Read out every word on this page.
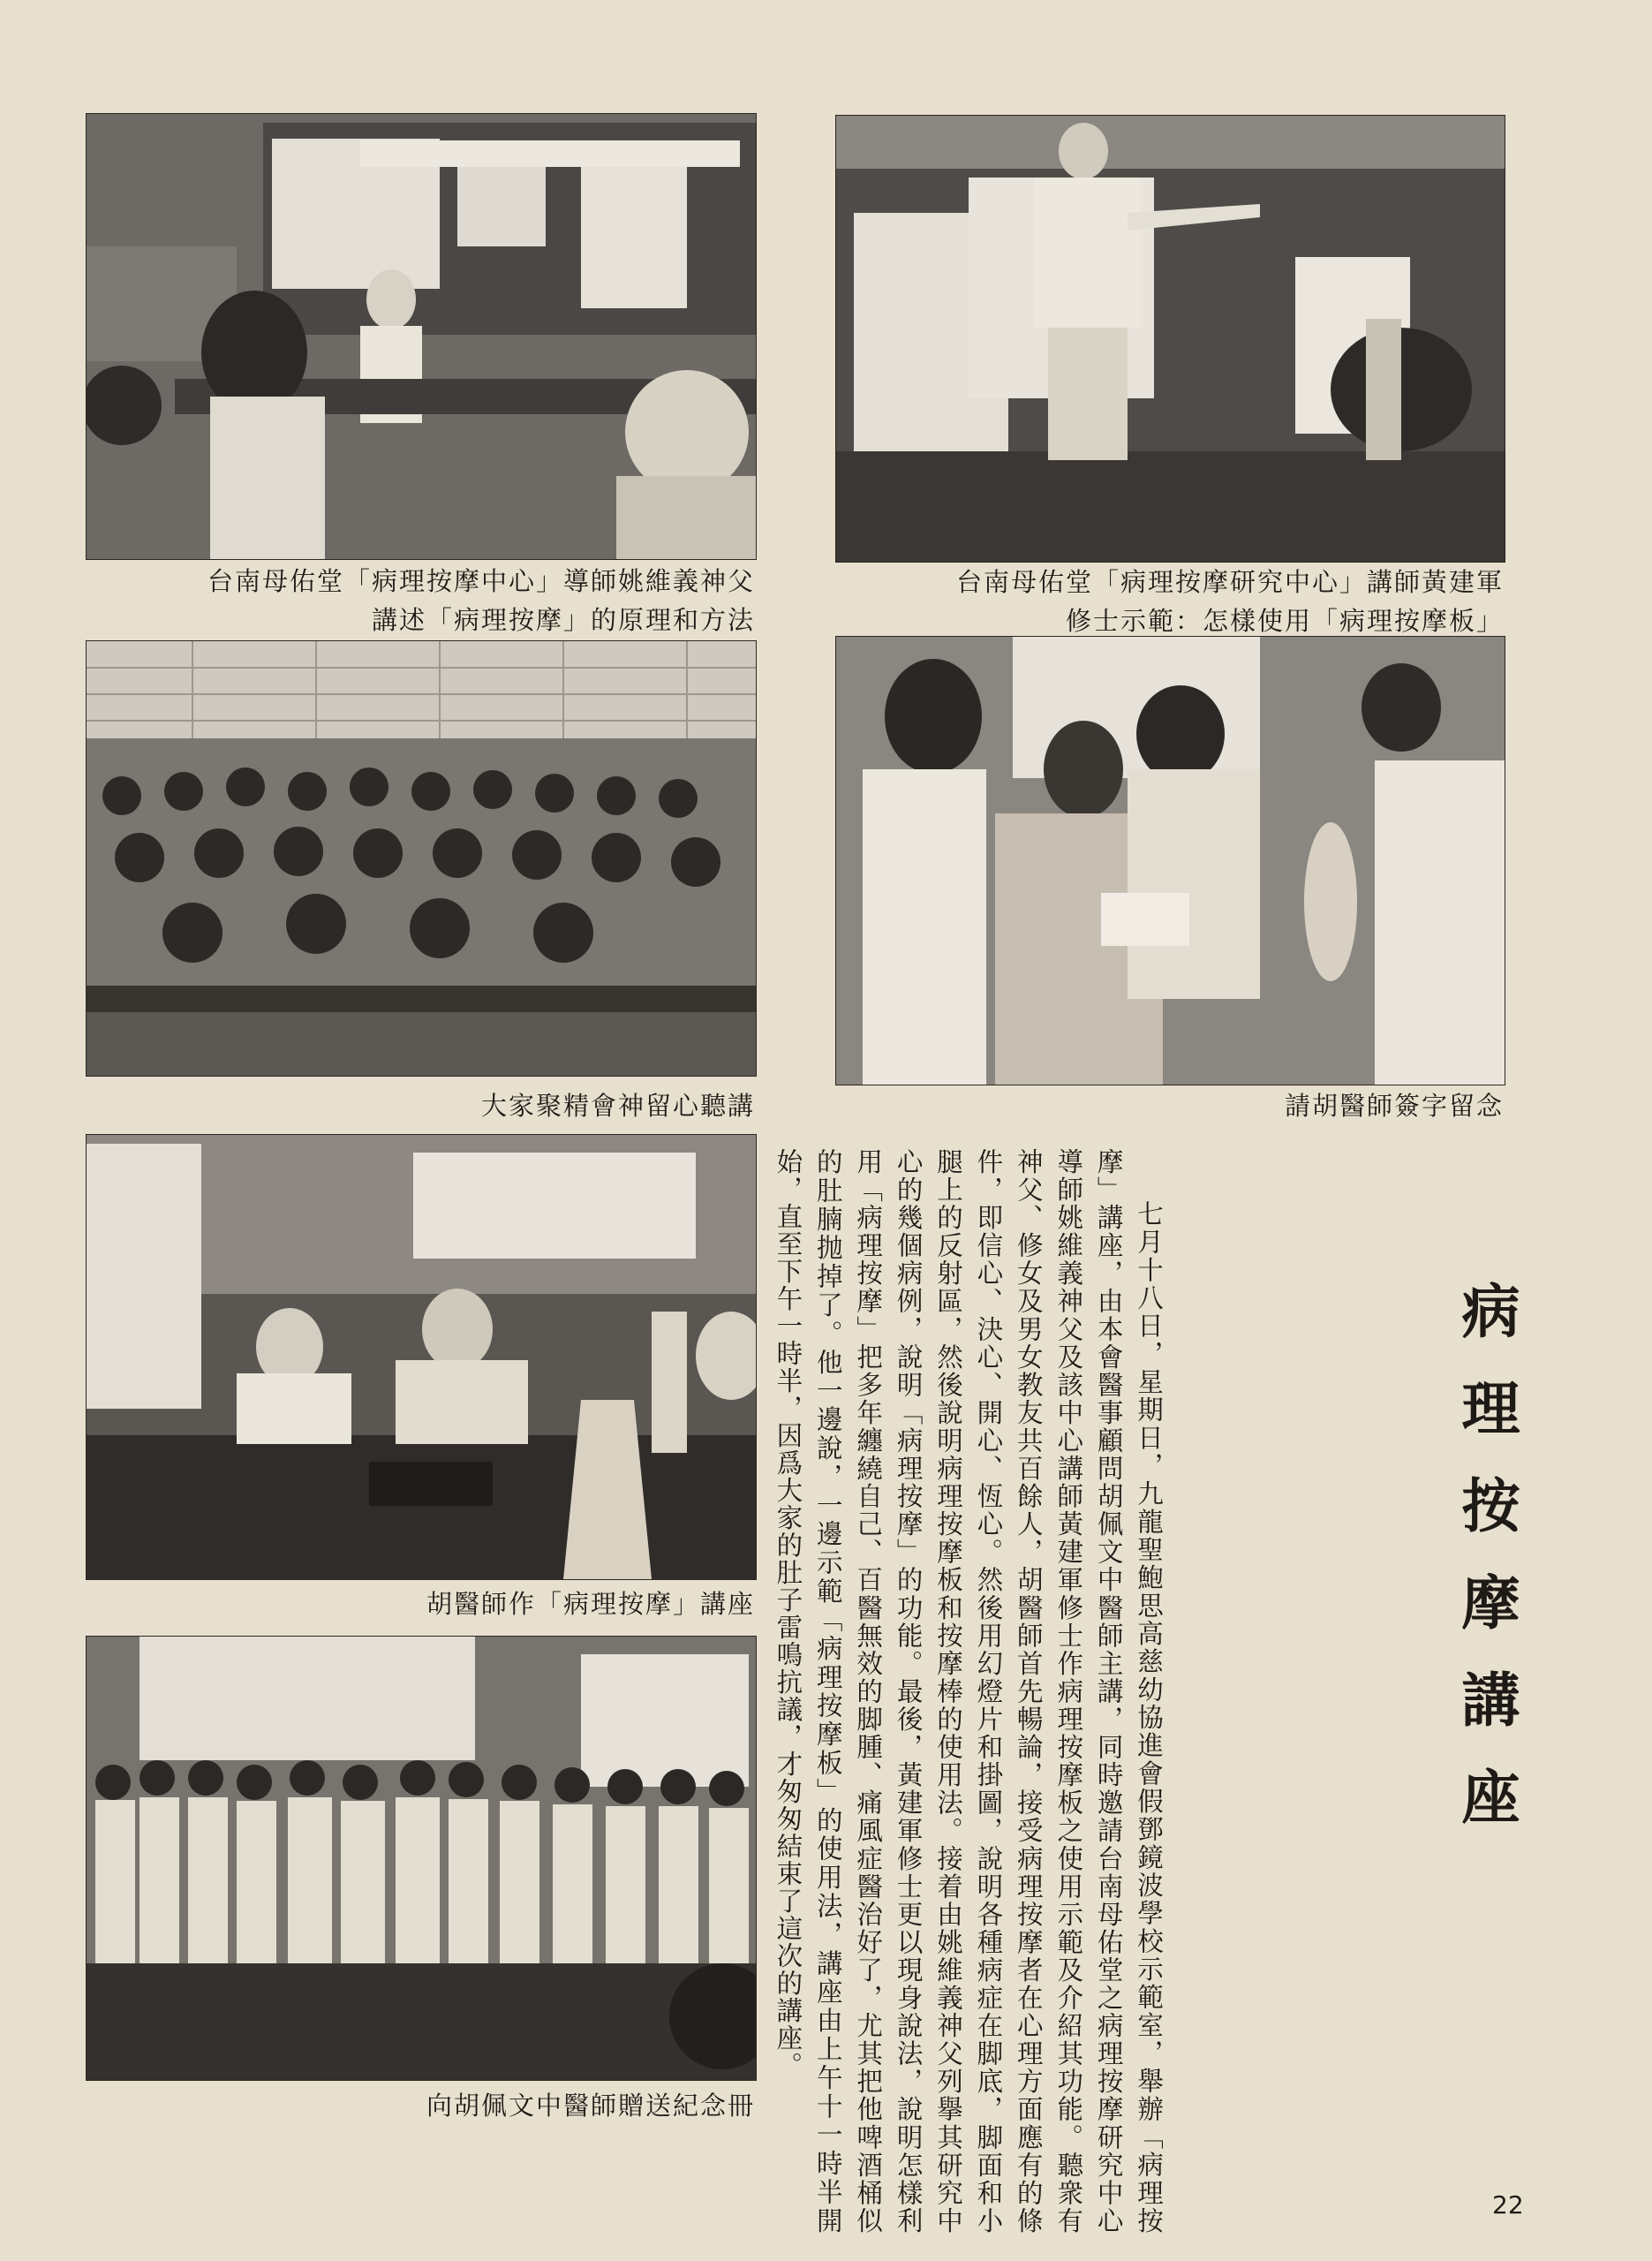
台南母佑堂「病理按摩中心」導師姚維義神父
講述「病理按摩」的原理和方法
台南母佑堂「病理按摩研究中心」講師黃建軍
修士示範：怎樣使用「病理按摩板」
大家聚精會神留心聽講	請胡醫師簽字留念
胡醫師作「病理按摩」講座
向胡佩文中醫師贈送紀念冊
病理按摩講座

七月十八日，星期日，九龍聖鮑思高慈幼協進會假鄧鏡波學校示範室，舉辦「病理按摩」講座，由本會醫事顧問胡佩文中醫師主講，同時邀請台南母佑堂之病理按摩研究中心導師姚維義神父及該中心講師黃建軍修士作病理按摩板之使用示範及介紹其功能。聽衆有神父、修女及男女教友共百餘人，胡醫師首先暢論，接受病理按摩者在心理方面應有的條件，即信心、決心、開心、恆心。然後用幻燈片和掛圖，說明各種病症在脚底，脚面和小腿上的反射區，然後說明病理按摩板和按摩棒的使用法。接着由姚維義神父列擧其研究中心的幾個病例，說明「病理按摩」的功能。最後，黃建軍修士更以現身說法，說明怎樣利用「病理按摩」把多年纏繞自己、百醫無效的脚腫、痛風症醫治好了，尤其把他啤酒桶似的肚腩抛掉了。他一邊說，一邊示範「病理按摩板」的使用法，講座由上午十一時半開始，直至下午一時半，因爲大家的肚子雷鳴抗議，才匆匆結束了這次的講座。

22
